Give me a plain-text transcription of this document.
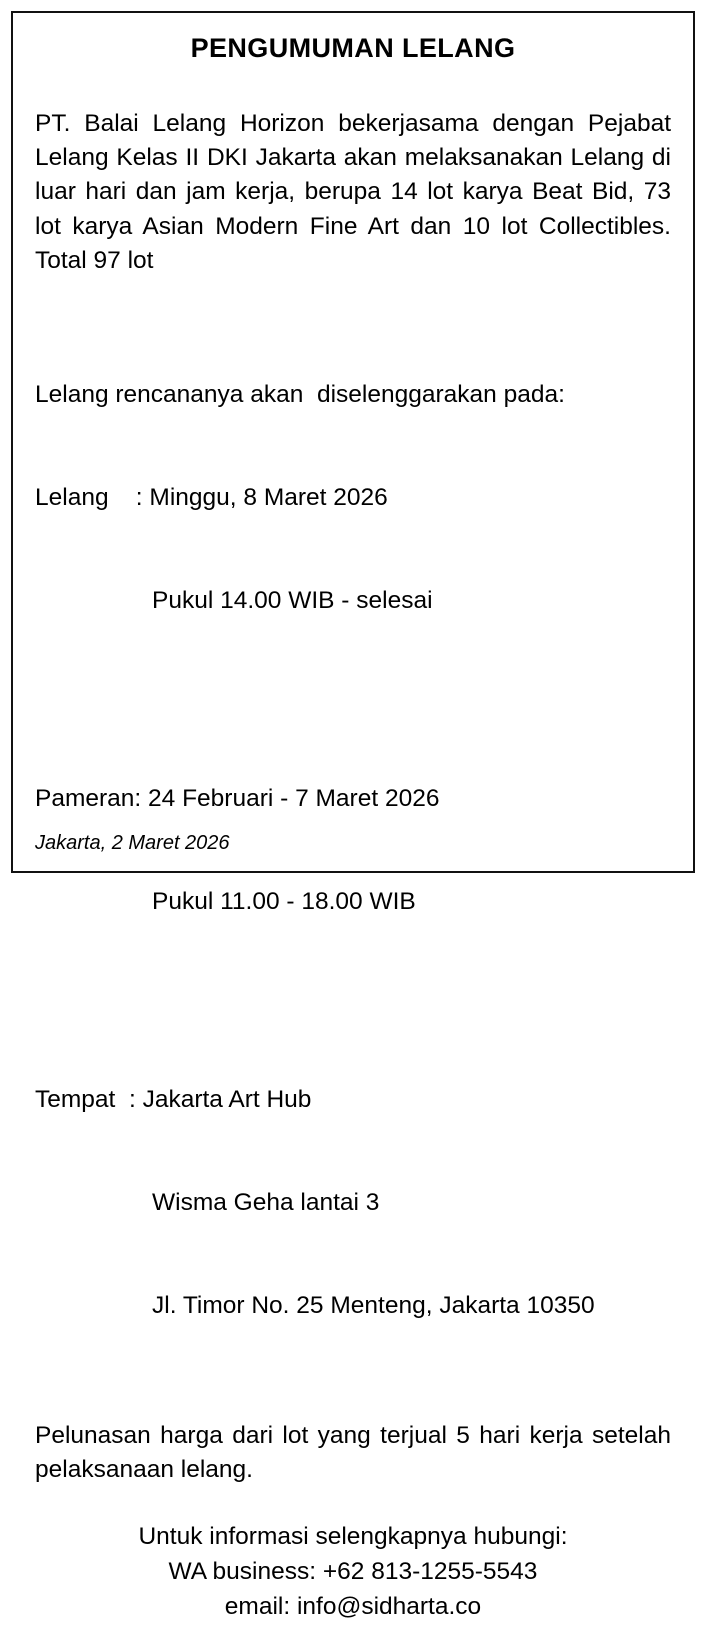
PENGUMUMAN LELANG

PT. Balai Lelang Horizon bekerjasama dengan Pejabat Lelang Kelas II DKI Jakarta akan melaksanakan Lelang di luar hari dan jam kerja, berupa 14 lot karya Beat Bid, 73 lot karya Asian Modern Fine Art dan 10 lot Collectibles. Total 97 lot

Lelang rencananya akan  diselenggarakan pada:

Lelang    : Minggu, 8 Maret 2026

Pukul 14.00 WIB - selesai

Pameran: 24 Februari - 7 Maret 2026

Pukul 11.00 - 18.00 WIB

Tempat  : Jakarta Art Hub

Wisma Geha lantai 3

Jl. Timor No. 25 Menteng, Jakarta 10350

Pelunasan harga dari lot yang terjual 5 hari kerja setelah pelaksanaan lelang.

Untuk informasi selengkapnya hubungi:
WA business: +62 813-1255-5543
email: info@sidharta.co
Jakarta, 2 Maret 2026
